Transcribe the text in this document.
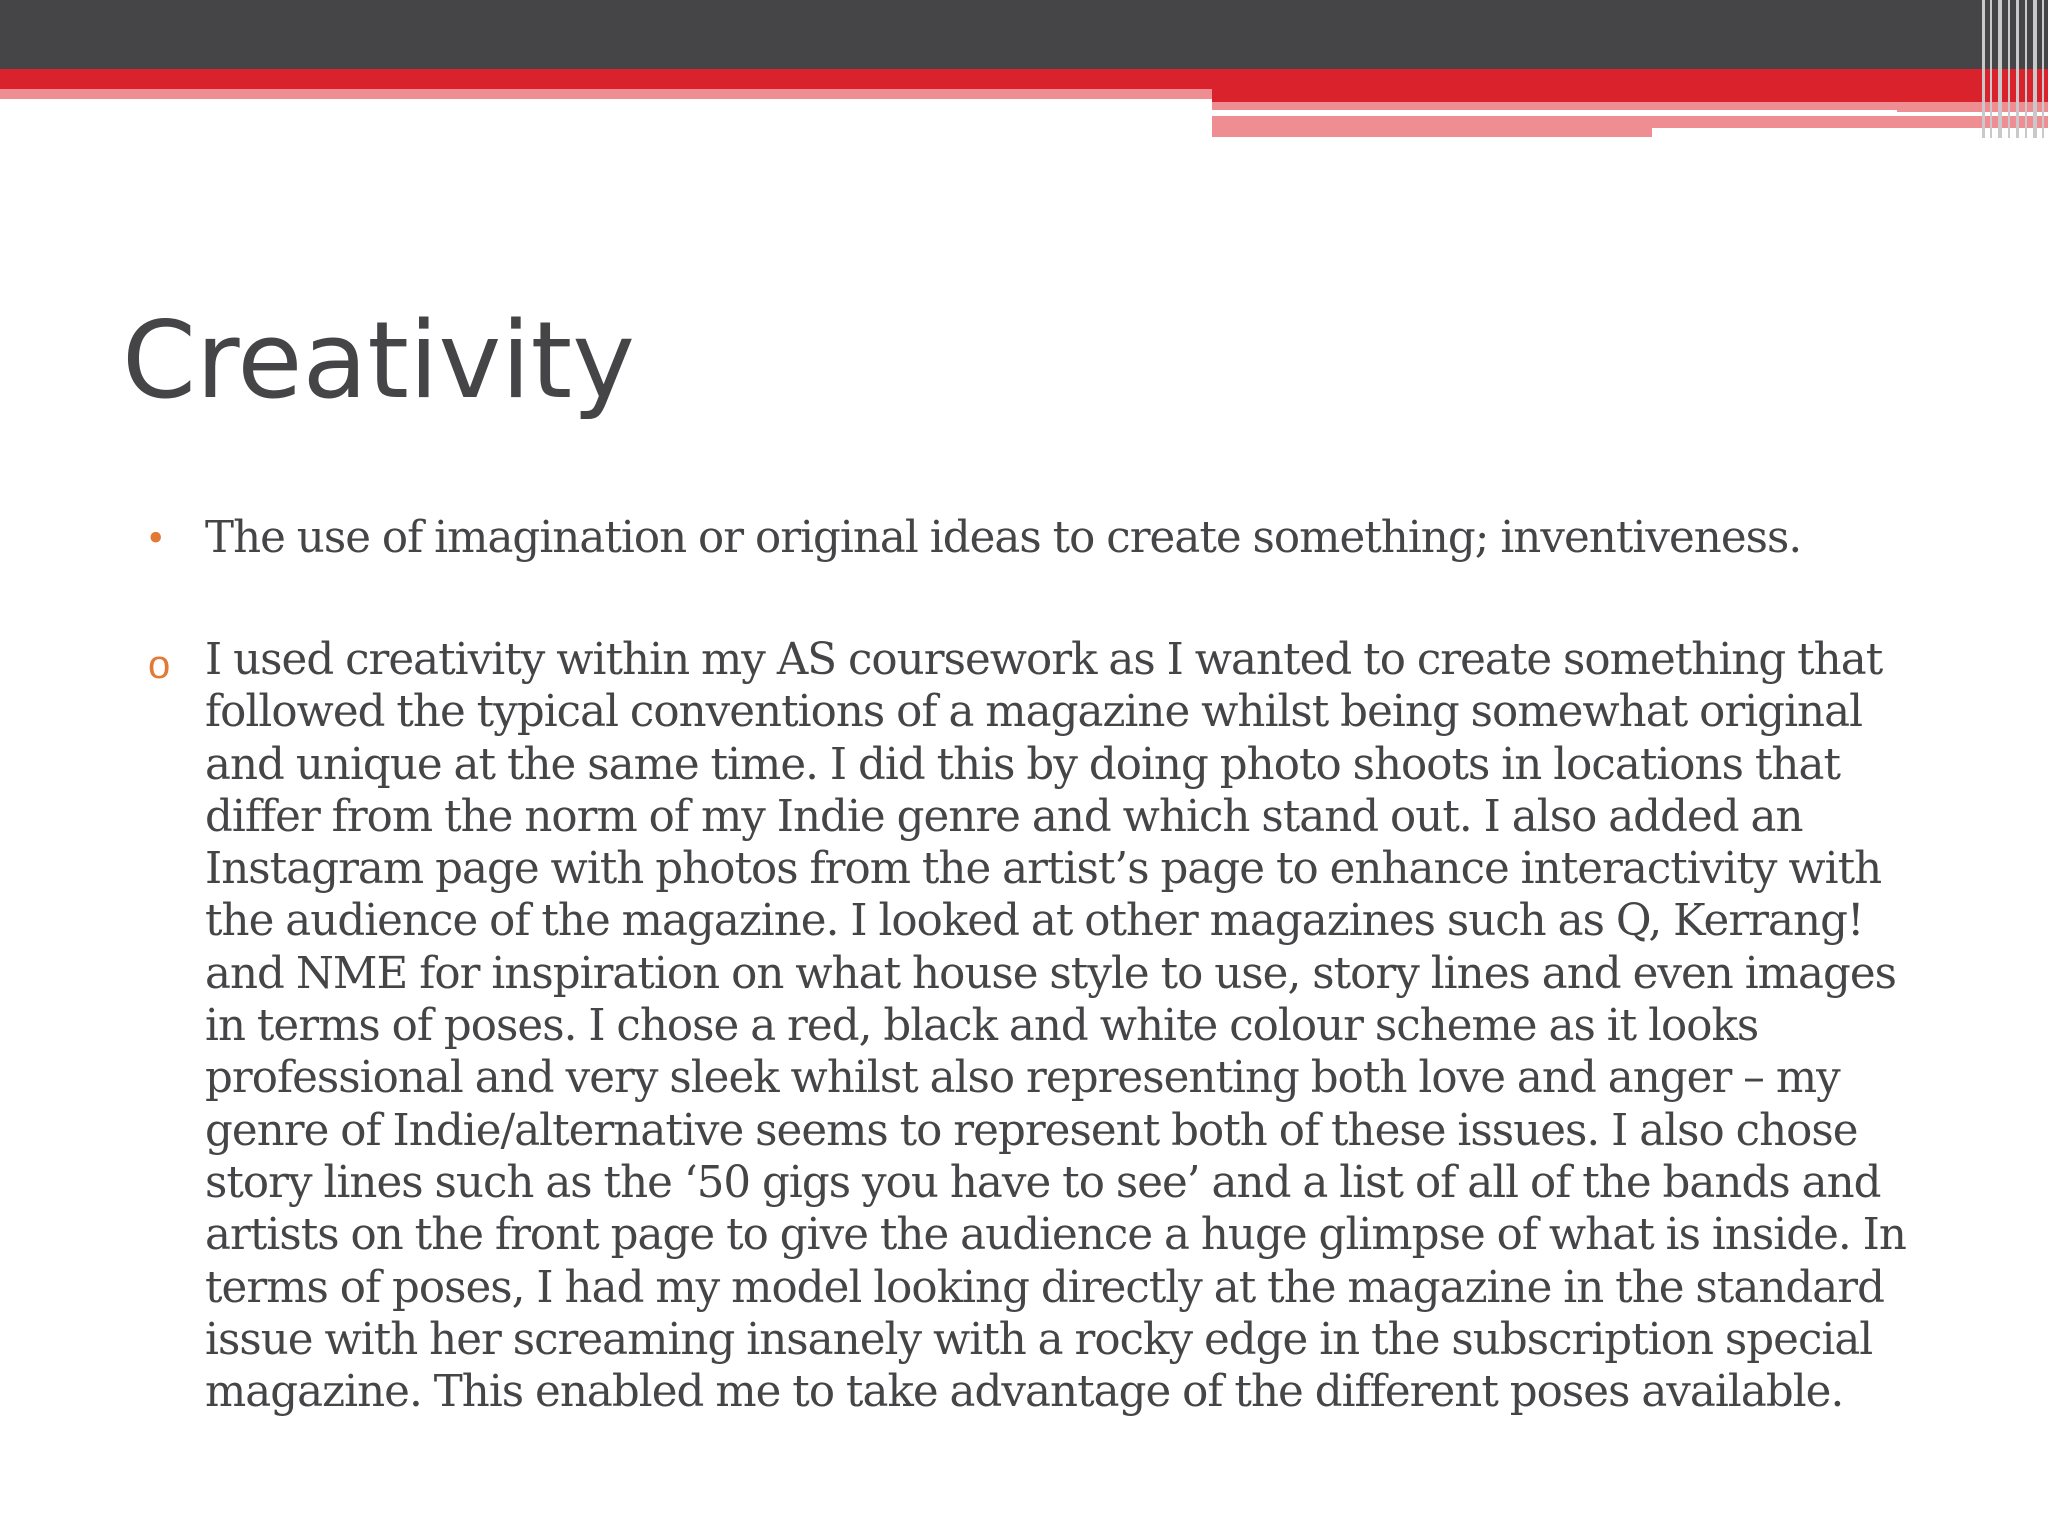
Creativity
• The use of imagination or original ideas to create something; inventiveness.
o I used creativity within my AS coursework as I wanted to create something that followed the typical conventions of a magazine whilst being somewhat original and unique at the same time. I did this by doing photo shoots in locations that differ from the norm of my Indie genre and which stand out. I also added an Instagram page with photos from the artist’s page to enhance interactivity with the audience of the magazine. I looked at other magazines such as Q, Kerrang! and NME for inspiration on what house style to use, story lines and even images in terms of poses. I chose a red, black and white colour scheme as it looks professional and very sleek whilst also representing both love and anger – my genre of Indie/alternative seems to represent both of these issues. I also chose story lines such as the ‘50 gigs you have to see’ and a list of all of the bands and artists on the front page to give the audience a huge glimpse of what is inside. In terms of poses, I had my model looking directly at the magazine in the standard issue with her screaming insanely with a rocky edge in the subscription special magazine. This enabled me to take advantage of the different poses available.
